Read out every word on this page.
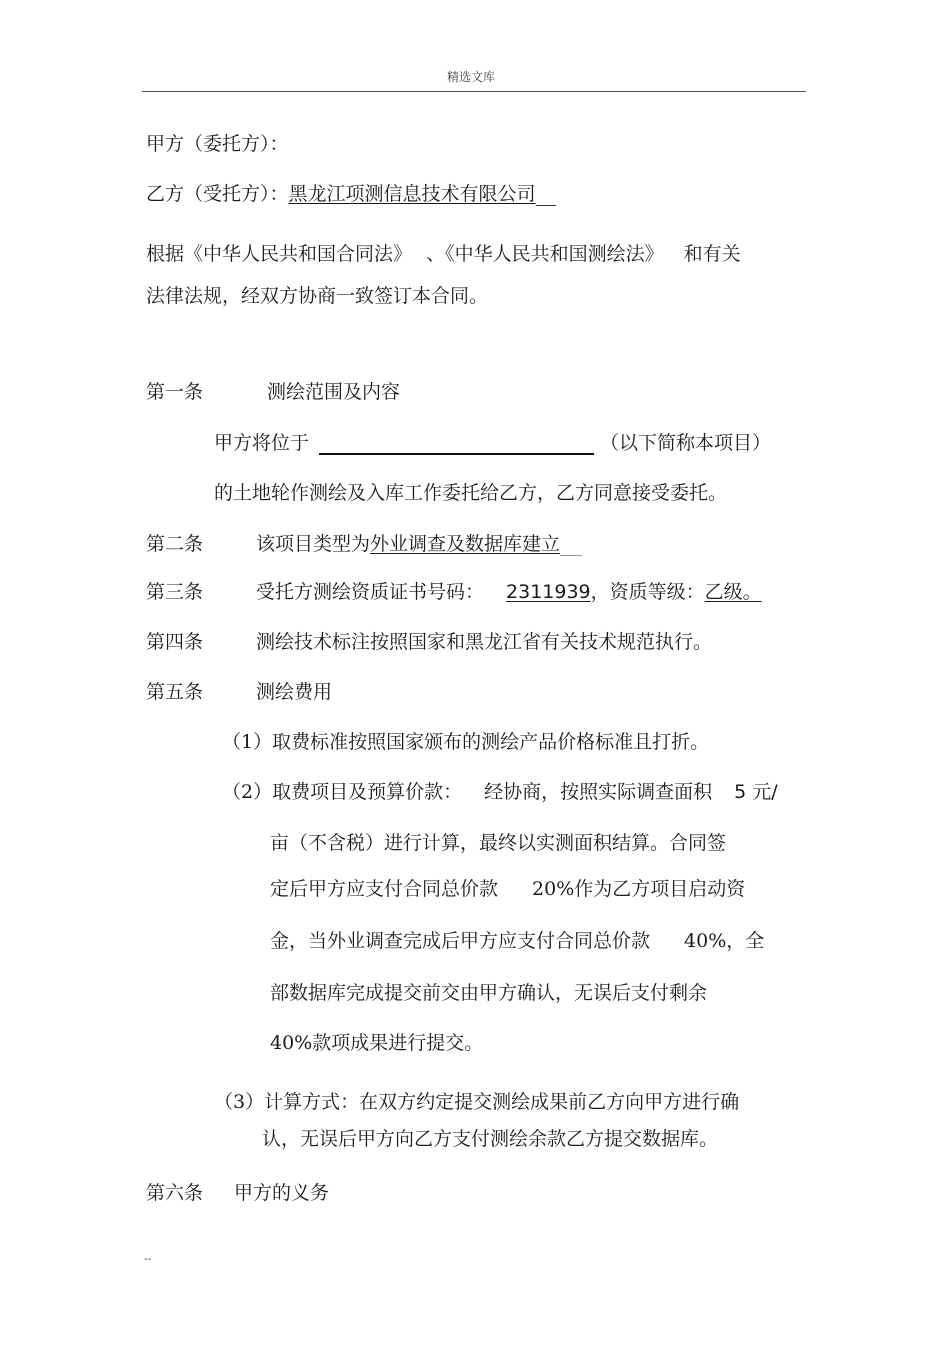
精选文库
甲方（委托方）：
乙方（受托方）：黑龙江项测信息技术有限公司
根据《中华人民共和国合同法》 、《中华人民共和国测绘法》 和有关
法律法规，经双方协商一致签订本合同。
第一条	测绘范围及内容
甲方将位于	（以下简称本项目）
的土地轮作测绘及入库工作委托给乙方，乙方同意接受委托。
第二条	该项目类型为外业调查及数据库建立
第三条	受托方测绘资质证书号码： 2311939，资质等级：乙级。
第四条	测绘技术标注按照国家和黑龙江省有关技术规范执行。
第五条	测绘费用
（1）取费标准按照国家颁布的测绘产品价格标准且打折。
（2）取费项目及预算价款： 经协商，按照实际调查面积 5 元/
亩（不含税）进行计算，最终以实测面积结算。合同签
定后甲方应支付合同总价款 20%作为乙方项目启动资
金，当外业调查完成后甲方应支付合同总价款 40%，全
部数据库完成提交前交由甲方确认，无误后支付剩余
40%款项成果进行提交。
（3）计算方式：在双方约定提交测绘成果前乙方向甲方进行确
认，无误后甲方向乙方支付测绘余款乙方提交数据库。
第六条 甲方的义务
--
